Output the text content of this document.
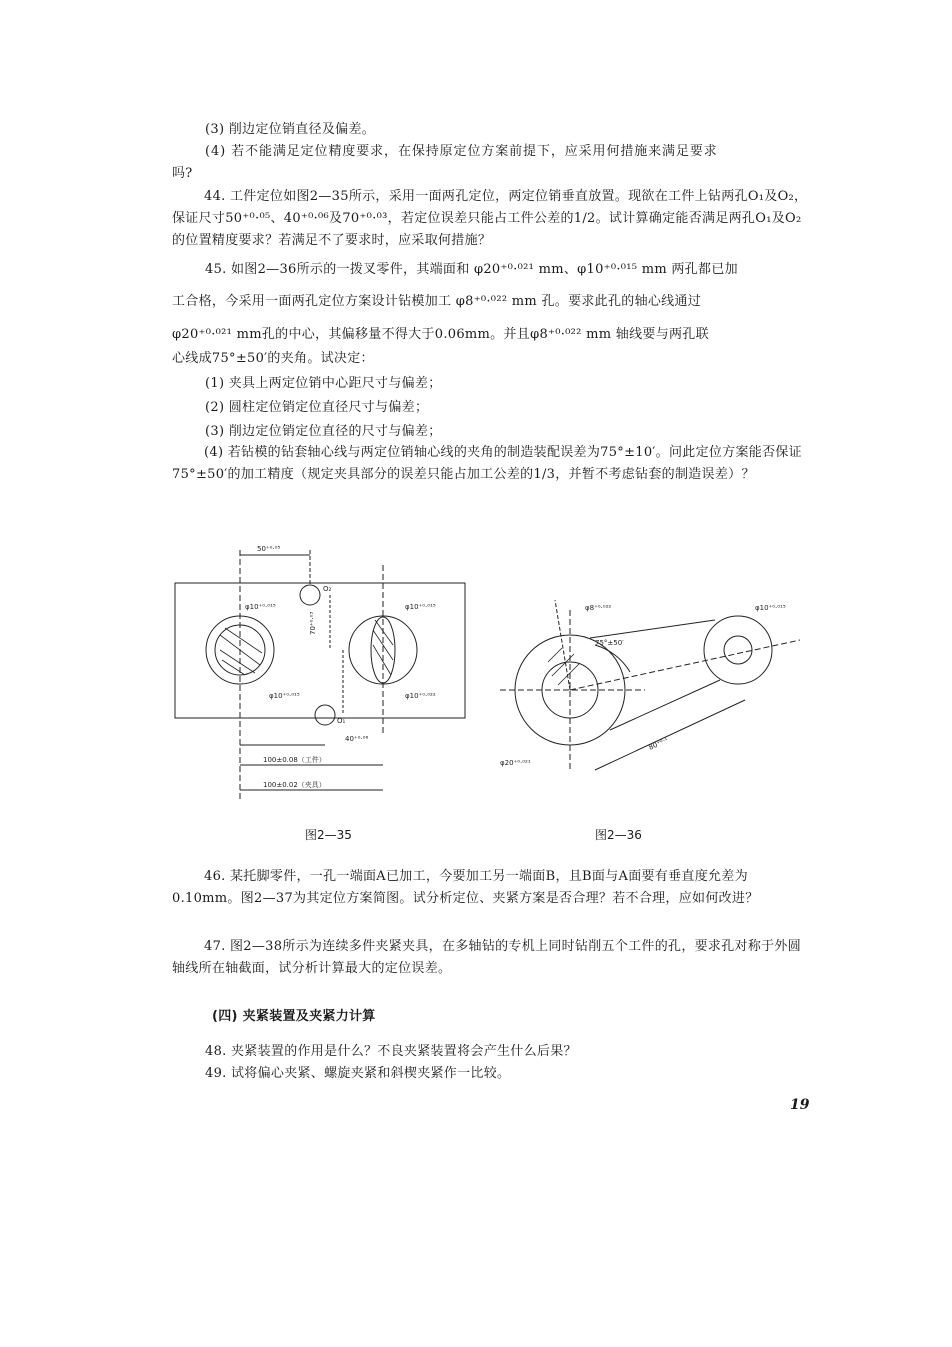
(3) 削边定位销直径及偏差。
(4) 若不能满足定位精度要求，在保持原定位方案前提下，应采用何措施来满足要求
吗?
44. 工件定位如图2—35所示，采用一面两孔定位，两定位销垂直放置。现欲在工件上钻两孔O₁及O₂，保证尺寸50⁺⁰·⁰⁵、40⁺⁰·⁰⁶及70⁺⁰·⁰³，若定位误差只能占工件公差的1/2。试计算确定能否满足两孔O₁及O₂的位置精度要求？若满足不了要求时，应采取何措施？
45. 如图2—36所示的一拨叉零件，其端面和 φ20⁺⁰·⁰²¹ mm、φ10⁺⁰·⁰¹⁵ mm 两孔都已加
工合格，今采用一面两孔定位方案设计钻模加工 φ8⁺⁰·⁰²² mm 孔。要求此孔的轴心线通过
φ20⁺⁰·⁰²¹ mm孔的中心，其偏移量不得大于0.06mm。并且φ8⁺⁰·⁰²² mm 轴线要与两孔联
心线成75°±50′的夹角。试决定：
(1) 夹具上两定位销中心距尺寸与偏差；
(2) 圆柱定位销定位直径尺寸与偏差；
(3) 削边定位销定位直径的尺寸与偏差；
(4) 若钻模的钻套轴心线与两定位销轴心线的夹角的制造装配误差为75°±10′。问此定位方案能否保证75°±50′的加工精度（规定夹具部分的误差只能占加工公差的1/3，并暂不考虑钻套的制造误差）？
50⁺⁰·⁰⁵
O₂
O₁
φ10⁺⁰·⁰¹⁵	φ10⁺⁰·⁰¹⁵
φ10⁺⁰·⁰¹⁵	φ10⁺⁰·⁰²²
70⁺⁰·⁰³
40⁺⁰·⁰⁶
100±0.08（工件）
100±0.02（夹具）
φ8⁺⁰·⁰²²	φ10⁺⁰·⁰¹⁵
75°±50′
φ20⁺⁰·⁰²¹
80⁺⁰·¹
图2—35	图2—36
46. 某托脚零件，一孔一端面A已加工，今要加工另一端面B，且B面与A面要有垂直度允差为0.10mm。图2—37为其定位方案简图。试分析定位、夹紧方案是否合理？若不合理，应如何改进？
47. 图2—38所示为连续多件夹紧夹具，在多轴钻的专机上同时钻削五个工件的孔，要求孔对称于外圆轴线所在轴截面，试分析计算最大的定位误差。
(四) 夹紧装置及夹紧力计算
48. 夹紧装置的作用是什么？不良夹紧装置将会产生什么后果？
49. 试将偏心夹紧、螺旋夹紧和斜楔夹紧作一比较。
19
